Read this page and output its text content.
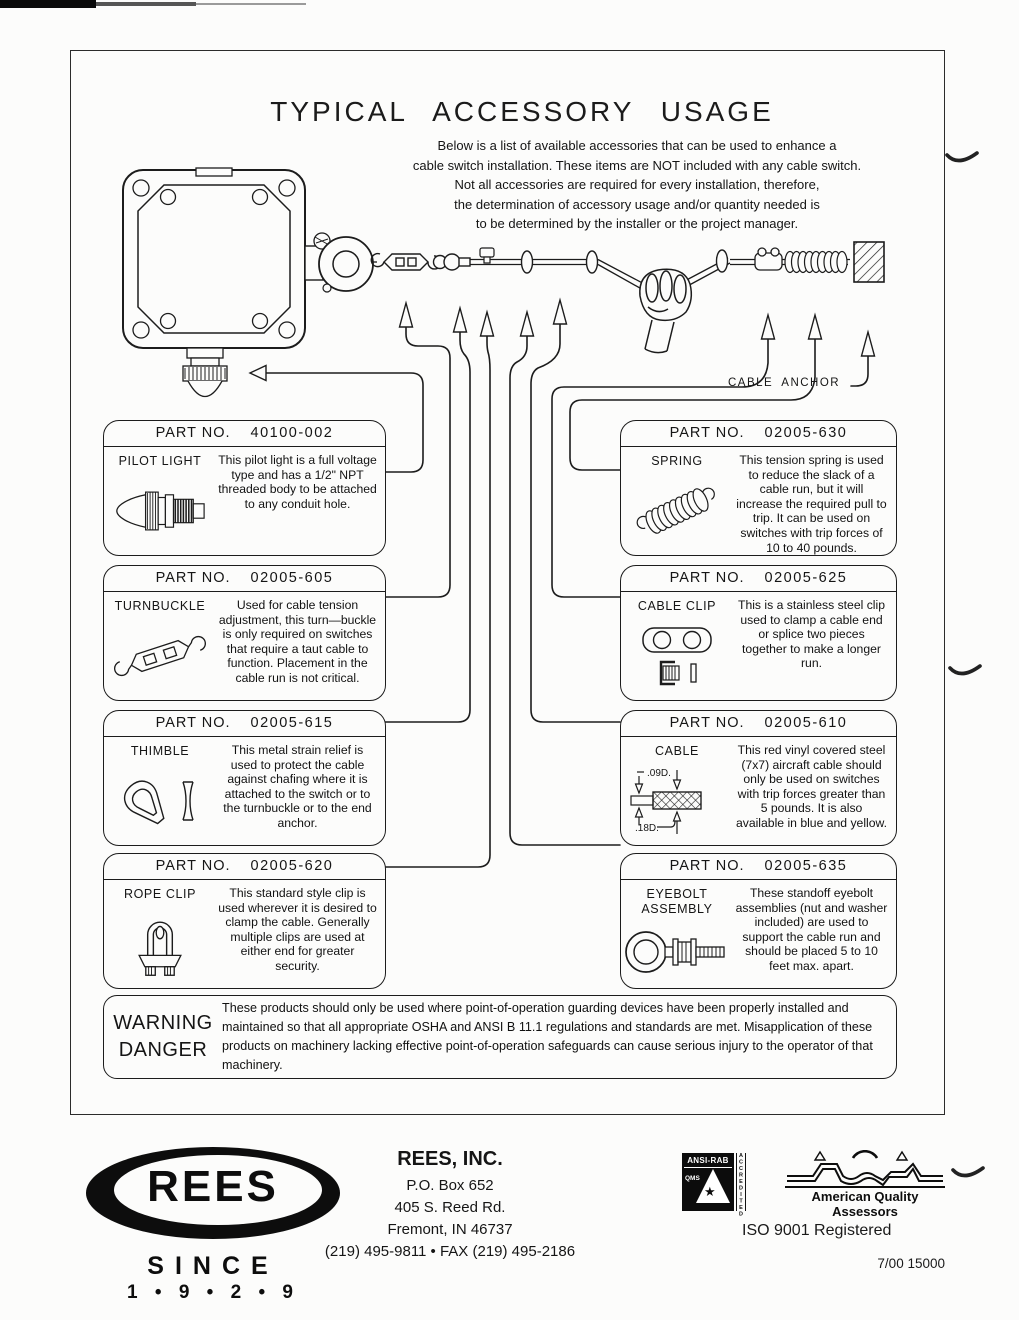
TYPICAL ACCESSORY USAGE
Below is a list of available accessories that can be used to enhance a
cable switch installation. These items are NOT included with any cable switch.
Not all accessories are required for every installation, therefore,
the determination of accessory usage and/or quantity needed is
to be determined by the installer or the project manager.
CABLE ANCHOR
PART NO. 40100-002
PILOT LIGHT This pilot light is a full voltage type and has a 1/2" NPT threaded body to be attached to any conduit hole.
PART NO. 02005-630
SPRING	This tension spring is used to reduce the slack of a cable run, but it will increase the required pull to trip. It can be used on switches with trip forces of 10 to 40 pounds.
PART NO. 02005-605
TURNBUCKLE	Used for cable tension adjustment, this turn—buckle is only required on switches that require a taut cable to function. Placement in the cable run is not critical.
PART NO. 02005-625
CABLE CLIP	This is a stainless steel clip used to clamp a cable end or splice two pieces together to make a longer run.
PART NO. 02005-615
THIMBLE	This metal strain relief is used to protect the cable against chafing where it is attached to the switch or to the turnbuckle or to the end anchor.
PART NO. 02005-610
CABLE
.09D.
.18D.
This red vinyl covered steel (7x7) aircraft cable should only be used on switches with trip forces greater than 5 pounds. It is also available in blue and yellow.
PART NO. 02005-620
ROPE CLIP	This standard style clip is used wherever it is desired to clamp the cable. Generally multiple clips are used at either end for greater security.
PART NO. 02005-635
EYEBOLT ASSEMBLY
These standoff eyebolt assemblies (nut and washer included) are used to support the cable run and should be placed 5 to 10 feet max. apart.
WARNING
DANGER
These products should only be used where point-of-operation guarding devices have been properly installed and maintained so that all appropriate OSHA and ANSI B 11.1 regulations and standards are met. Misapplication of these products on machinery lacking effective point-of-operation safeguards can cause serious injury to the operator of that machinery.
REES
SINCE
1 • 9 • 2 • 9
REES, INC.
P.O. Box 652
405 S. Reed Rd.
Fremont, IN 46737
(219) 495-9811 • FAX (219) 495-2186
ANSI-RAB
QMS
★	ACCREDITED	American Quality Assessors
ISO 9001 Registered
7/00 15000
